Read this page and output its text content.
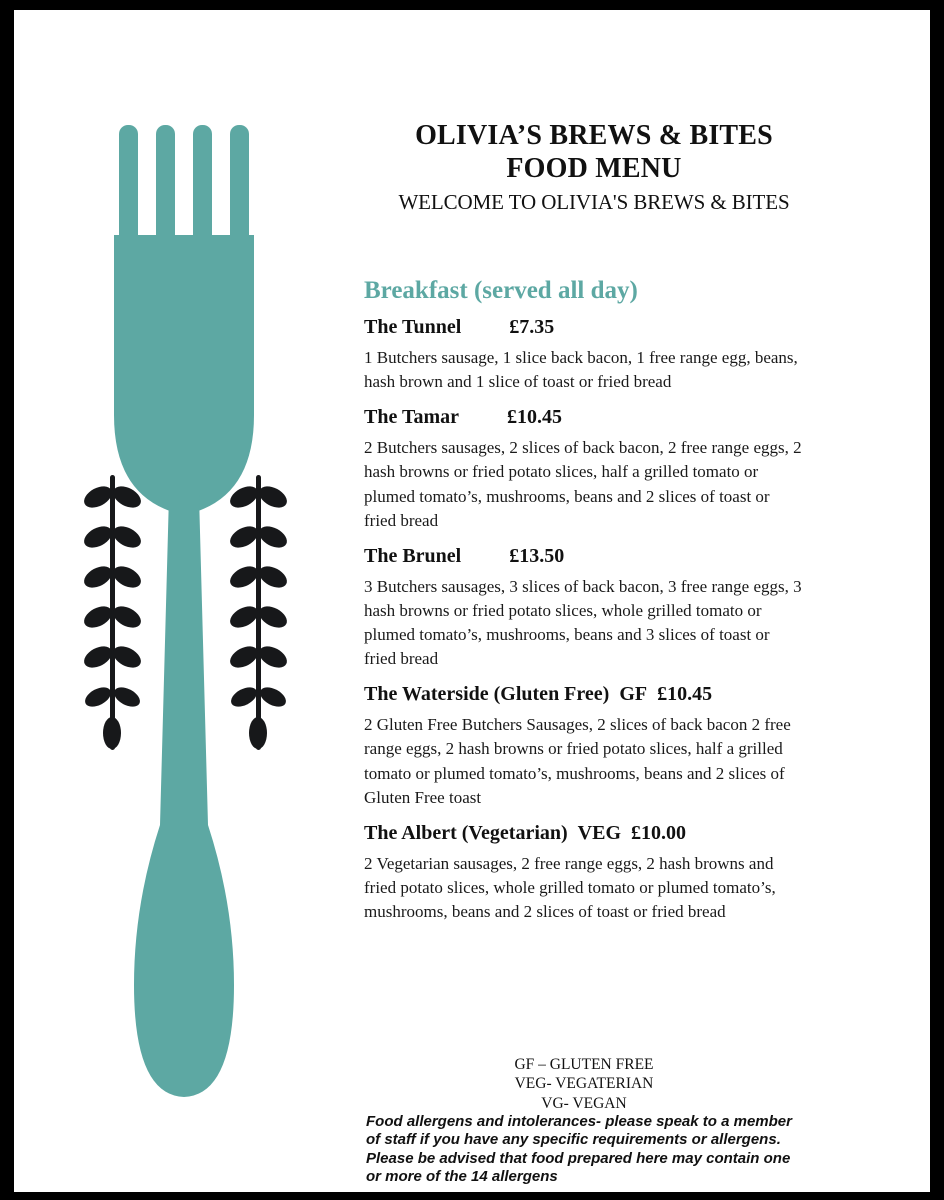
OLIVIA’S BREWS & BITES
FOOD MENU

WELCOME TO OLIVIA'S BREWS & BITES

Breakfast (served all day)
The Tunnel £7.35
1 Butchers sausage, 1 slice back bacon, 1 free range egg, beans, hash brown and 1 slice of toast or fried bread
The Tamar £10.45
2 Butchers sausages, 2 slices of back bacon, 2 free range eggs, 2 hash browns or fried potato slices, half a grilled tomato or plumed tomato’s, mushrooms, beans and 2 slices of toast or fried bread
The Brunel £13.50
3 Butchers sausages, 3 slices of back bacon, 3 free range eggs, 3 hash browns or fried potato slices, whole grilled tomato or plumed tomato’s, mushrooms, beans and 3 slices of toast or fried bread
The Waterside (Gluten Free) GF £10.45
2 Gluten Free Butchers Sausages, 2 slices of back bacon 2 free range eggs, 2 hash browns or fried potato slices, half a grilled tomato or plumed tomato’s, mushrooms, beans and 2 slices of Gluten Free toast
The Albert (Vegetarian) VEG £10.00
2 Vegetarian sausages, 2 free range eggs, 2 hash browns and fried potato slices, whole grilled tomato or plumed tomato’s, mushrooms, beans and 2 slices of toast or fried bread
GF – GLUTEN FREE
VEG- VEGATERIAN
VG- VEGAN
Food allergens and intolerances- please speak to a member of staff if you have any specific requirements or allergens. Please be advised that food prepared here may contain one or more of the 14 allergens
